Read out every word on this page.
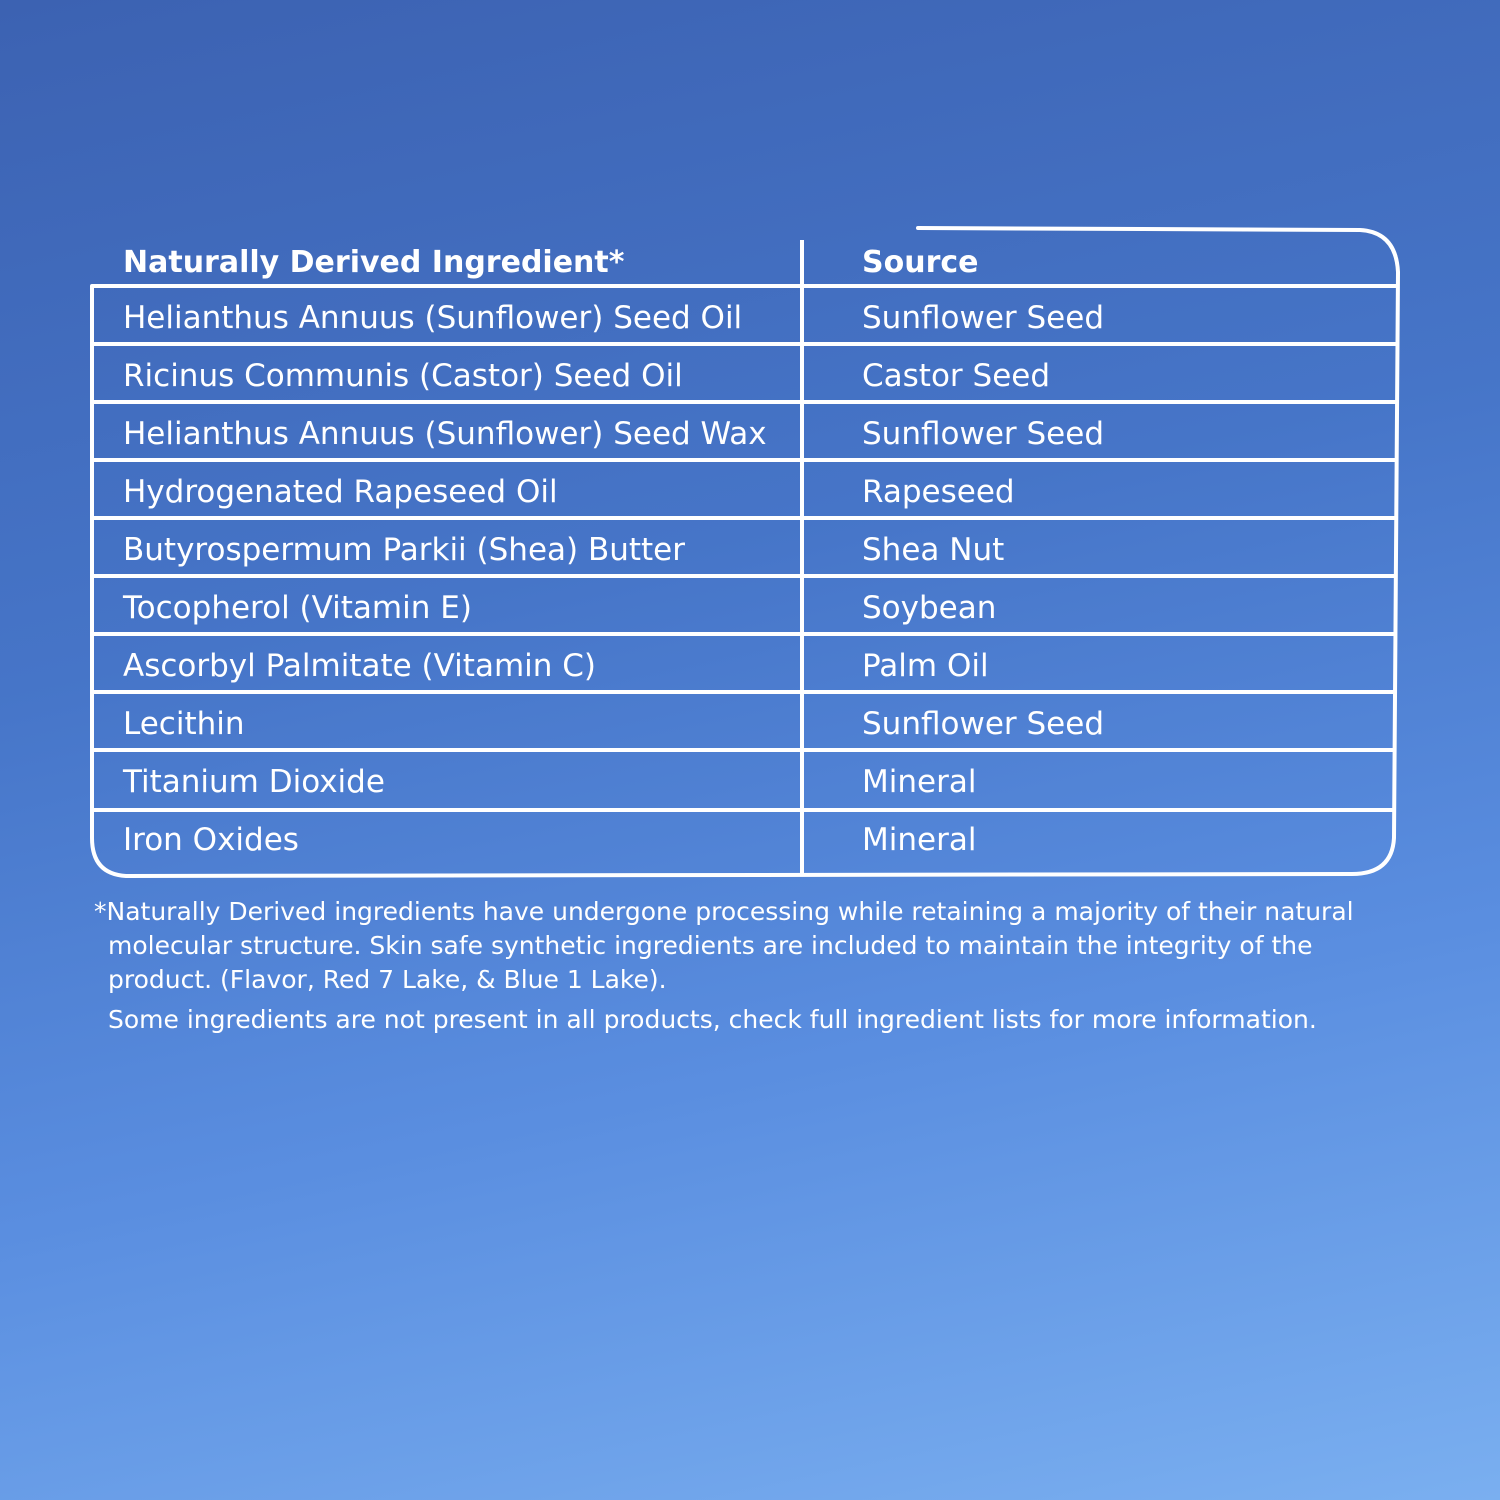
Naturally Derived Ingredient*	Source
Helianthus Annuus (Sunflower) Seed Oil	Sunflower Seed
Ricinus Communis (Castor) Seed Oil	Castor Seed
Helianthus Annuus (Sunflower) Seed Wax	Sunflower Seed
Hydrogenated Rapeseed Oil	Rapeseed
Butyrospermum Parkii (Shea) Butter	Shea Nut
Tocopherol (Vitamin E)	Soybean
Ascorbyl Palmitate (Vitamin C)	Palm Oil
Lecithin	Sunflower Seed
Titanium Dioxide	Mineral
Iron Oxides	Mineral
*Naturally Derived ingredients have undergone processing while retaining a majority of their natural
molecular structure. Skin safe synthetic ingredients are included to maintain the integrity of the
product. (Flavor, Red 7 Lake, & Blue 1 Lake).
Some ingredients are not present in all products, check full ingredient lists for more information.
